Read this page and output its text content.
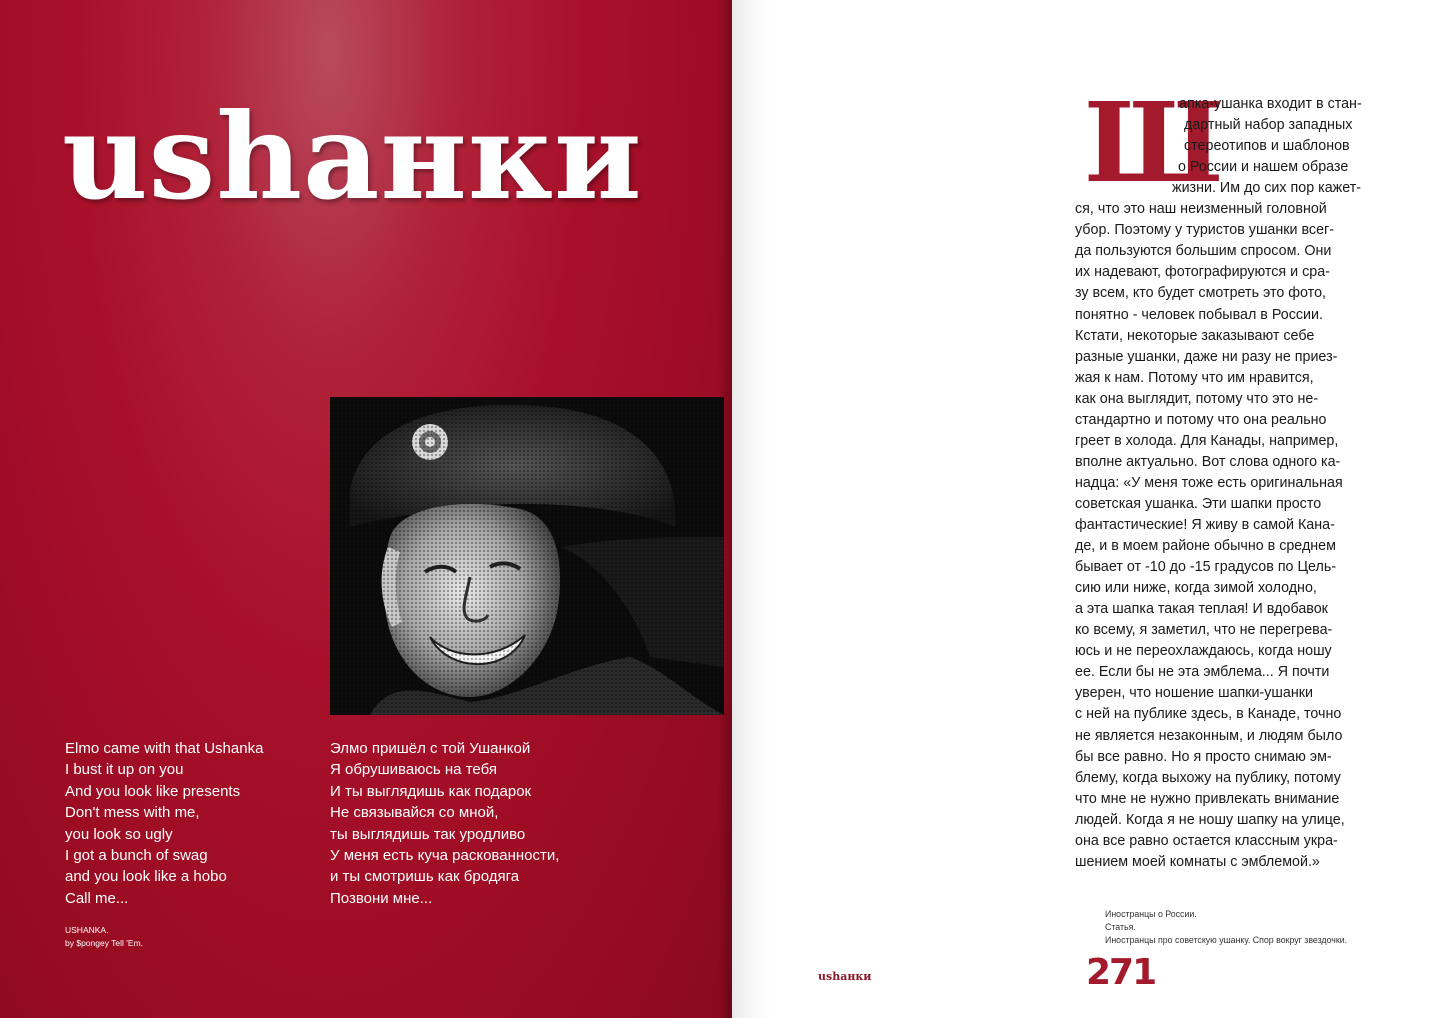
ushaнки
Elmo came with that Ushanka
I bust it up on you
And you look like presents
Don't mess with me,
you look so ugly
I got a bunch of swag
and you look like a hobo
Call me...
Элмо пришёл с той Ушанкой
Я обрушиваюсь на тебя
И ты выглядишь как подарок
Не связывайся со мной,
ты выглядишь так уродливо
У меня есть куча раскованности,
и ты смотришь как бродяга
Позвони мне...
USHANKA.
by $pongey Tell 'Em.
Ш
апка-ушанка входит в стан-
дартный набор западных
стереотипов и шаблонов
о России и нашем образе
жизни. Им до сих пор кажет-
ся, что это наш неизменный головной
убор. Поэтому у туристов ушанки всег-
да пользуются большим спросом. Они
их надевают, фотографируются и сра-
зу всем, кто будет смотреть это фото,
понятно - человек побывал в России.
Кстати, некоторые заказывают себе
разные ушанки, даже ни разу не приез-
жая к нам. Потому что им нравится,
как она выглядит, потому что это не-
стандартно и потому что она реально
греет в холода. Для Канады, например,
вполне актуально. Вот слова одного ка-
надца: «У меня тоже есть оригинальная
советская ушанка. Эти шапки просто
фантастические! Я живу в самой Кана-
де, и в моем районе обычно в среднем
бывает от -10 до -15 градусов по Цель-
сию или ниже, когда зимой холодно,
а эта шапка такая теплая! И вдобавок
ко всему, я заметил, что не перегрева-
юсь и не переохлаждаюсь, когда ношу
ее. Если бы не эта эмблема... Я почти
уверен, что ношение шапки-ушанки
с ней на публике здесь, в Канаде, точно
не является незаконным, и людям было
бы все равно. Но я просто снимаю эм-
блему, когда выхожу на публику, потому
что мне не нужно привлекать внимание
людей. Когда я не ношу шапку на улице,
она все равно остается классным укра-
шением моей комнаты с эмблемой.»
Иностранцы о России.
Статья.
Иностранцы про советскую ушанку. Спор вокруг звездочки.
ushaнки	271
